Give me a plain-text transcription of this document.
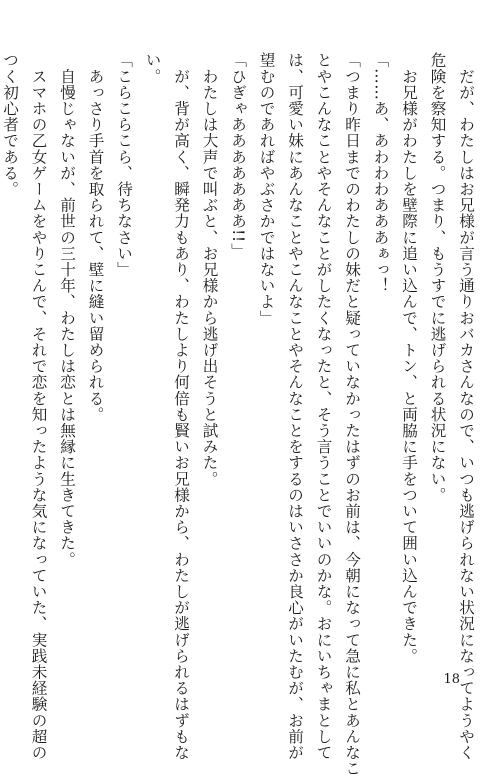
　だが、わたしはお兄様が言う通りおバカさんなので、いつも逃げられない状況になってようやく
危険を察知する。つまり、もうすでに逃げられる状況にない。
　お兄様がわたしを壁際に追い込んで、トン、と両脇に手をついて囲い込んできた。
「……あ、あわわわあああぁっ！
「つまり昨日までのわたしの妹だと疑っていなかったはずのお前は、今朝になって急に私とあんなこ
とやこんなことやそんなことがしたくなったと、そう言うことでいいのかな。おにいちゃまとして
は、可愛い妹にあんなことやこんなことやそんなことをするのはいささか良心がいたむが、お前が
望むのであればやぶさかではないよ」
「ひぎゃあああああああ!!」
　わたしは大声で叫ぶと、お兄様から逃げ出そうと試みた。
　が、背が高く、瞬発力もあり、わたしより何倍も賢いお兄様から、わたしが逃げられるはずもな
い。
「こらこらこら、待ちなさい」
　あっさり手首を取られて、壁に縫い留められる。
　自慢じゃないが、前世の三十年、わたしは恋とは無縁に生きてきた。
　スマホの乙女ゲームをやりこんで、それで恋を知ったような気になっていた、実践未経験の超の
つく初心者である。
18
